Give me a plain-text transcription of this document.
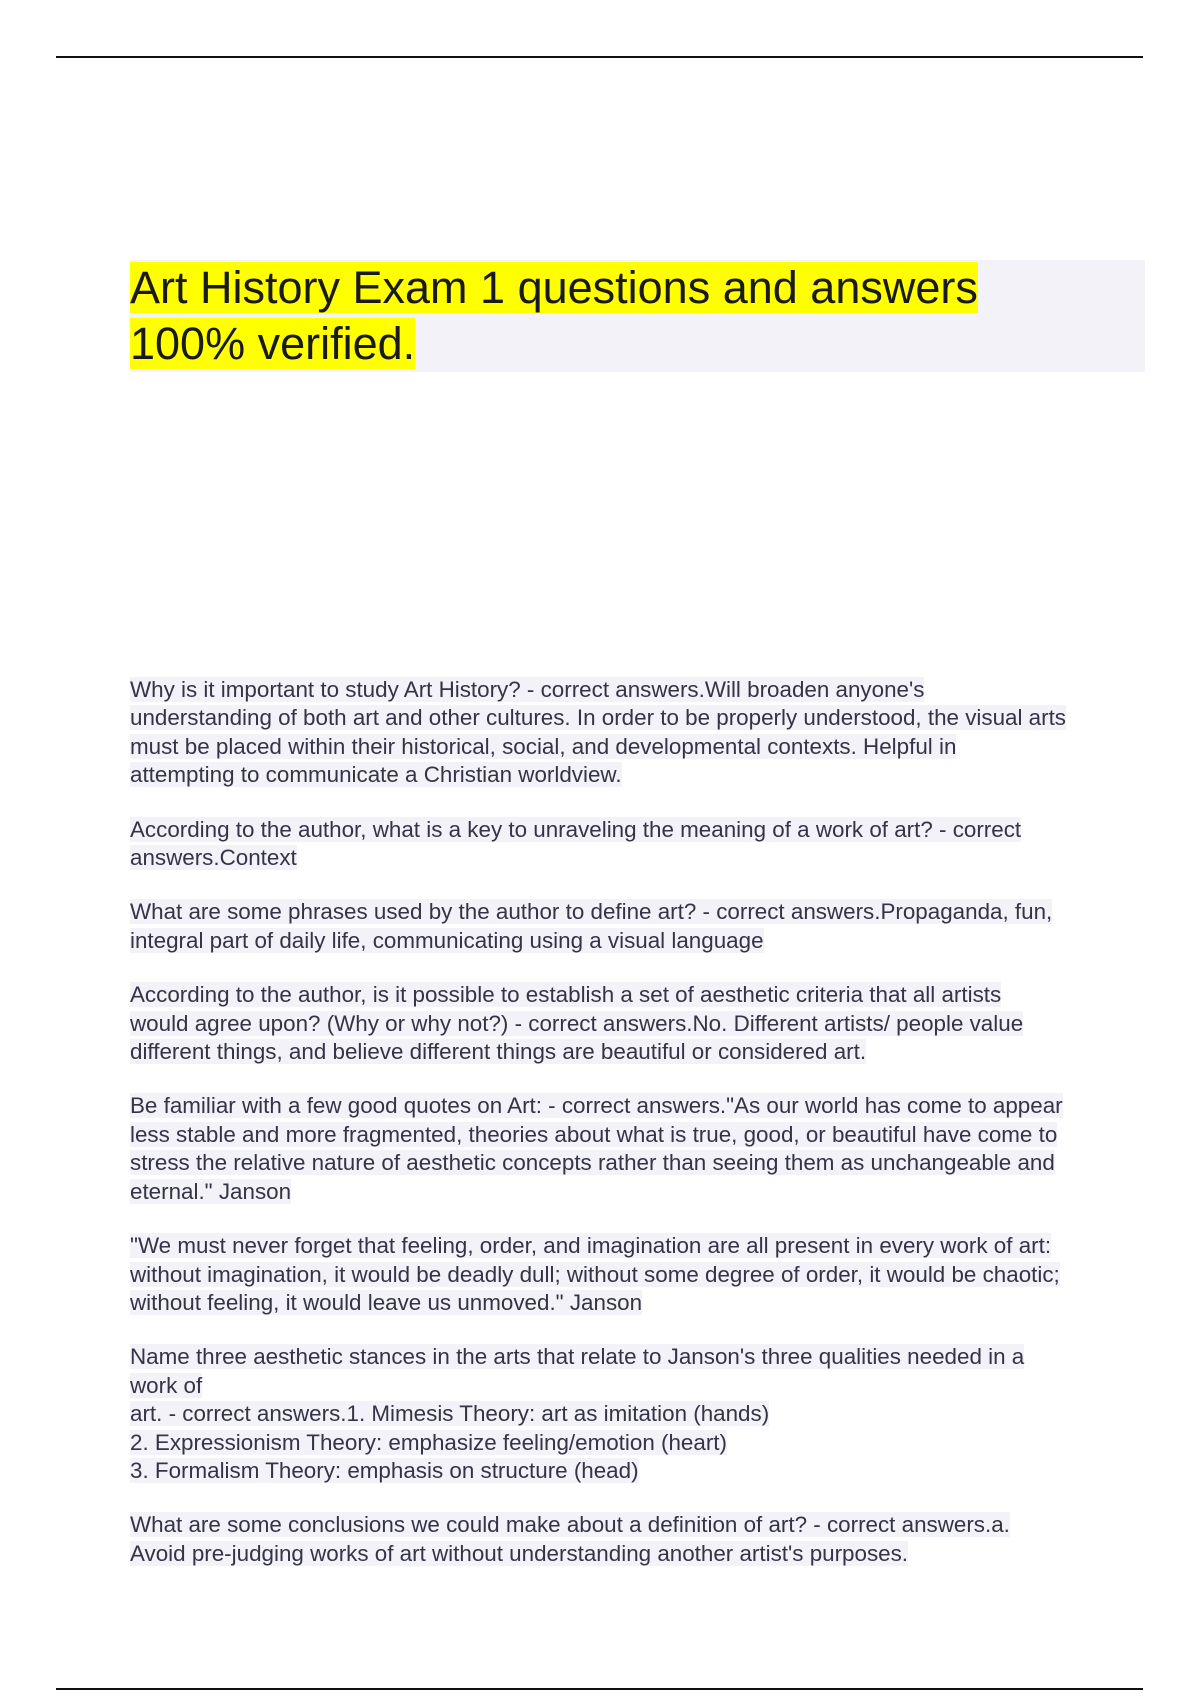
Art History Exam 1 questions and answers
100% verified.

Why is it important to study Art History? - correct answers.Will broaden anyone's
understanding of both art and other cultures. In order to be properly understood, the visual arts
must be placed within their historical, social, and developmental contexts. Helpful in
attempting to communicate a Christian worldview.

According to the author, what is a key to unraveling the meaning of a work of art? - correct
answers.Context

What are some phrases used by the author to define art? - correct answers.Propaganda, fun,
integral part of daily life, communicating using a visual language

According to the author, is it possible to establish a set of aesthetic criteria that all artists
would agree upon? (Why or why not?) - correct answers.No. Different artists/ people value
different things, and believe different things are beautiful or considered art.

Be familiar with a few good quotes on Art: - correct answers."As our world has come to appear
less stable and more fragmented, theories about what is true, good, or beautiful have come to
stress the relative nature of aesthetic concepts rather than seeing them as unchangeable and
eternal." Janson

"We must never forget that feeling, order, and imagination are all present in every work of art:
without imagination, it would be deadly dull; without some degree of order, it would be chaotic;
without feeling, it would leave us unmoved." Janson

Name three aesthetic stances in the arts that relate to Janson's three qualities needed in a
work of
art. - correct answers.1. Mimesis Theory: art as imitation (hands)
2. Expressionism Theory: emphasize feeling/emotion (heart)
3. Formalism Theory: emphasis on structure (head)

What are some conclusions we could make about a definition of art? - correct answers.a.
Avoid pre-judging works of art without understanding another artist's purposes.
